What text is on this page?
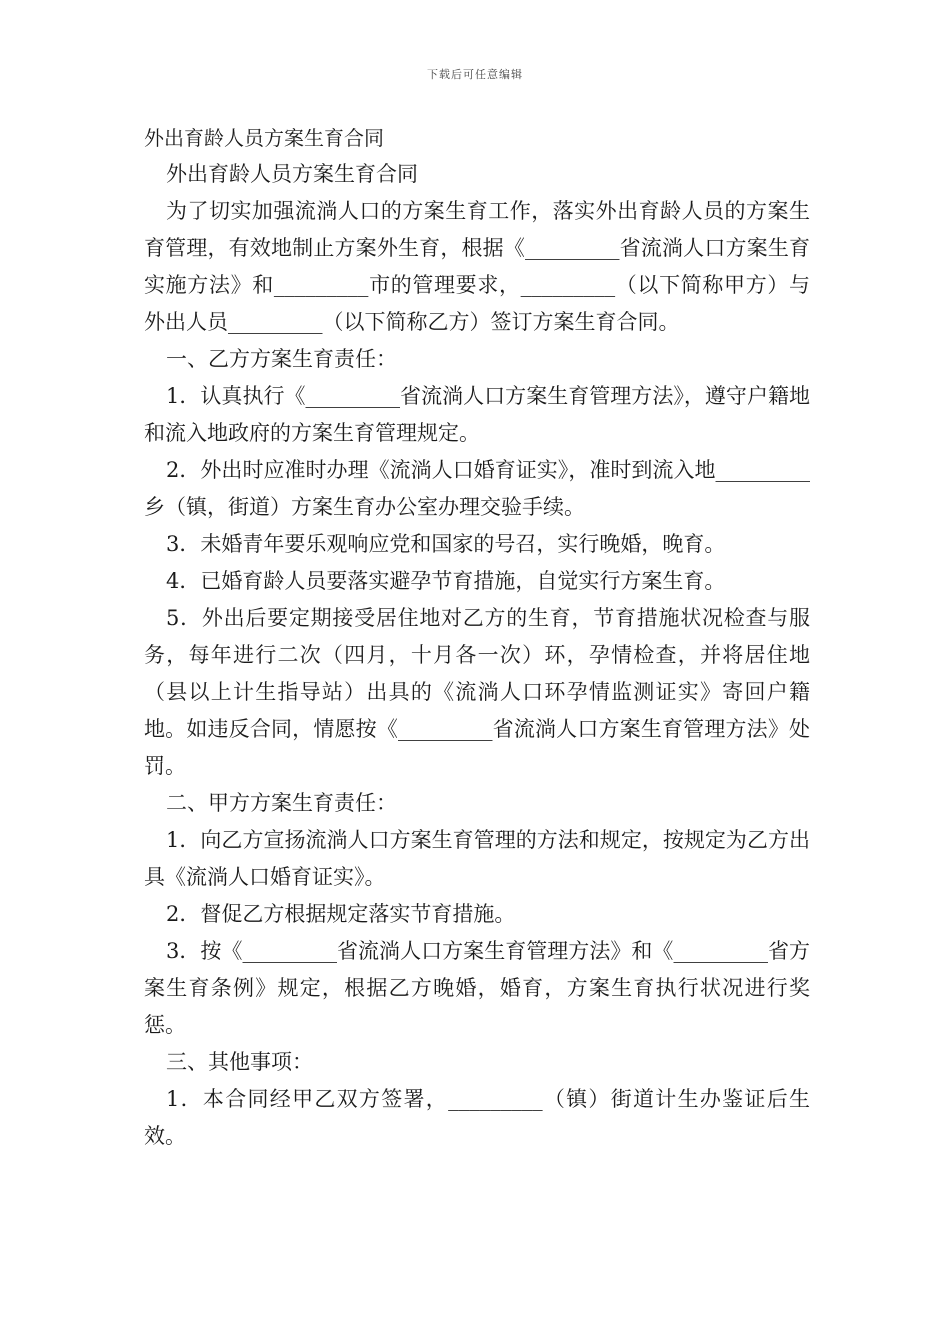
下载后可任意编辑

外出育龄人员方案生育合同

外出育龄人员方案生育合同

为了切实加强流淌人口的方案生育工作，落实外出育龄人员的方案生育管理，有效地制止方案外生育，根据《_________省流淌人口方案生育实施方法》和_________市的管理要求，_________（以下简称甲方）与外出人员_________（以下简称乙方）签订方案生育合同。

一、乙方方案生育责任：

1．认真执行《_________省流淌人口方案生育管理方法》，遵守户籍地和流入地政府的方案生育管理规定。

2．外出时应准时办理《流淌人口婚育证实》，准时到流入地_________乡（镇，街道）方案生育办公室办理交验手续。

3．未婚青年要乐观响应党和国家的号召，实行晚婚，晚育。

4．已婚育龄人员要落实避孕节育措施，自觉实行方案生育。

5．外出后要定期接受居住地对乙方的生育，节育措施状况检查与服务，每年进行二次（四月，十月各一次）环，孕情检查，并将居住地（县以上计生指导站）出具的《流淌人口环孕情监测证实》寄回户籍地。如违反合同，情愿按《_________省流淌人口方案生育管理方法》处罚。

二、甲方方案生育责任：

1．向乙方宣扬流淌人口方案生育管理的方法和规定，按规定为乙方出具《流淌人口婚育证实》。

2．督促乙方根据规定落实节育措施。

3．按《_________省流淌人口方案生育管理方法》和《_________省方案生育条例》规定，根据乙方晚婚，婚育，方案生育执行状况进行奖惩。

三、其他事项：

1．本合同经甲乙双方签署，_________（镇）街道计生办鉴证后生效。
